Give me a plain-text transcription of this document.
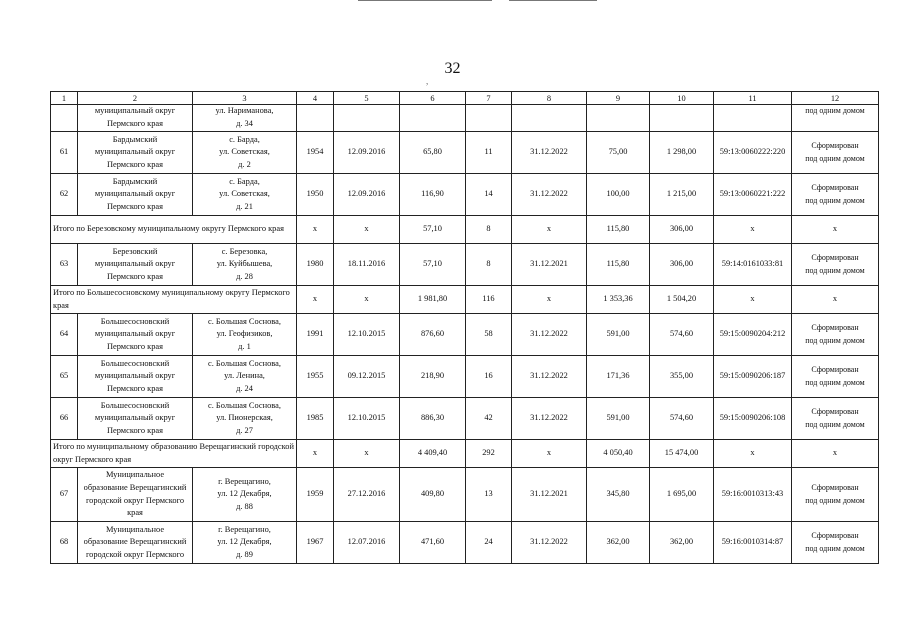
32
,
1	2	3	4	5	6	7	8	9	10	11	12

	муниципальный округ
Пермского края	ул. Нариманова,
д. 34									под одним домом

61	Бардымский
муниципальный округ
Пермского края	с. Барда,
ул. Советская,
д. 2	1954	12.09.2016	65,80	11	31.12.2022	75,00	1 298,00	59:13:0060222:220	Сформирован
под одним домом

62	Бардымский
муниципальный округ
Пермского края	с. Барда,
ул. Советская,
д. 21	1950	12.09.2016	116,90	14	31.12.2022	100,00	1 215,00	59:13:0060221:222	Сформирован
под одним домом

Итого по Березовскому муниципальному округу Пермского края			х	х	57,10	8	х	115,80	306,00	х	х
63	Березовский
муниципальный округ
Пермского края	с. Березовка,
ул. Куйбышева,
д. 28	1980	18.11.2016	57,10	8	31.12.2021	115,80	306,00	59:14:0161033:81	Сформирован
под одним домом

Итого по Большесосновскому муниципальному округу Пермского края			х	х	1 981,80	116	х	1 353,36	1 504,20	х	х
64	Большесосновский
муниципальный округ
Пермского края	с. Большая Соснова,
ул. Геофизиков,
д. 1	1991	12.10.2015	876,60	58	31.12.2022	591,00	574,60	59:15:0090204:212	Сформирован
под одним домом

65	Большесосновский
муниципальный округ
Пермского края	с. Большая Соснова,
ул. Ленина,
д. 24	1955	09.12.2015	218,90	16	31.12.2022	171,36	355,00	59:15:0090206:187	Сформирован
под одним домом

66	Большесосновский
муниципальный округ
Пермского края	с. Большая Соснова,
ул. Пионерская,
д. 27	1985	12.10.2015	886,30	42	31.12.2022	591,00	574,60	59:15:0090206:108	Сформирован
под одним домом

Итого по муниципальному образованию Верещагинский городской округ Пермского края			х	х	4 409,40	292	х	4 050,40	15 474,00	х	х
67	Муниципальное
образование Верещагинский
городской округ Пермского
края	г. Верещагино,
ул. 12 Декабря,
д. 88	1959	27.12.2016	409,80	13	31.12.2021	345,80	1 695,00	59:16:0010313:43	Сформирован
под одним домом

68	Муниципальное
образование Верещагинский
городской округ Пермского	г. Верещагино,
ул. 12 Декабря,
д. 89	1967	12.07.2016	471,60	24	31.12.2022	362,00	362,00	59:16:0010314:87	Сформирован
под одним домом
